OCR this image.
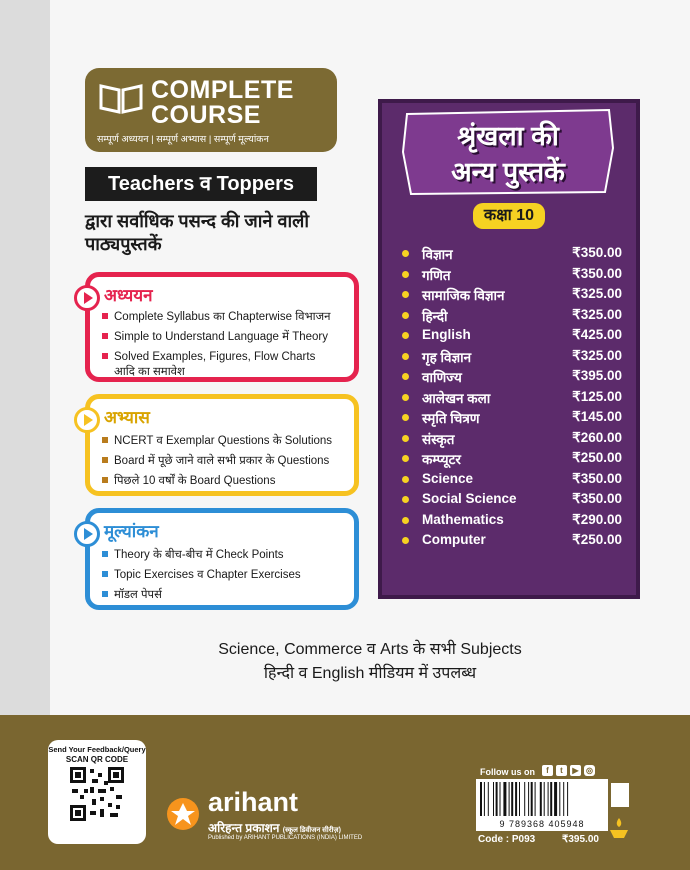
COMPLETE
COURSE
सम्पूर्ण अध्ययन | सम्पूर्ण अभ्यास | सम्पूर्ण मूल्यांकन
Teachers व Toppers
द्वारा सर्वाधिक पसन्द की जाने वाली पाठ्यपुस्तकें
अध्ययन
Complete Syllabus का Chapterwise विभाजन
Simple to Understand Language में Theory
Solved Examples, Figures, Flow Charts
आदि का समावेश
अभ्यास
NCERT व Exemplar Questions के Solutions
Board में पूछे जाने वाले सभी प्रकार के Questions
पिछले 10 वर्षों के Board Questions
मूल्यांकन
Theory के बीच-बीच में Check Points
Topic Exercises व Chapter Exercises
मॉडल पेपर्स
श्रृंखला की
अन्य पुस्तकें
कक्षा 10
विज्ञान	₹350.00
गणित	₹350.00
सामाजिक विज्ञान	₹325.00
हिन्दी	₹325.00
English	₹425.00
गृह विज्ञान	₹325.00
वाणिज्य	₹395.00
आलेखन कला	₹125.00
स्मृति चित्रण	₹145.00
संस्कृत	₹260.00
कम्प्यूटर	₹250.00
Science	₹350.00
Social Science	₹350.00
Mathematics	₹290.00
Computer	₹250.00
Science, Commerce व Arts के सभी Subjects
हिन्दी व English मीडियम में उपलब्ध
Send Your Feedback/Query
SCAN QR CODE
arihant
अरिहन्त प्रकाशन (स्कूल डिवीजन सीरीज़)
Published by ARIHANT PUBLICATIONS (INDIA) LIMITED
Follow us on	f	t	▶ ◎
9 789368 405948
Code : P093	₹395.00
